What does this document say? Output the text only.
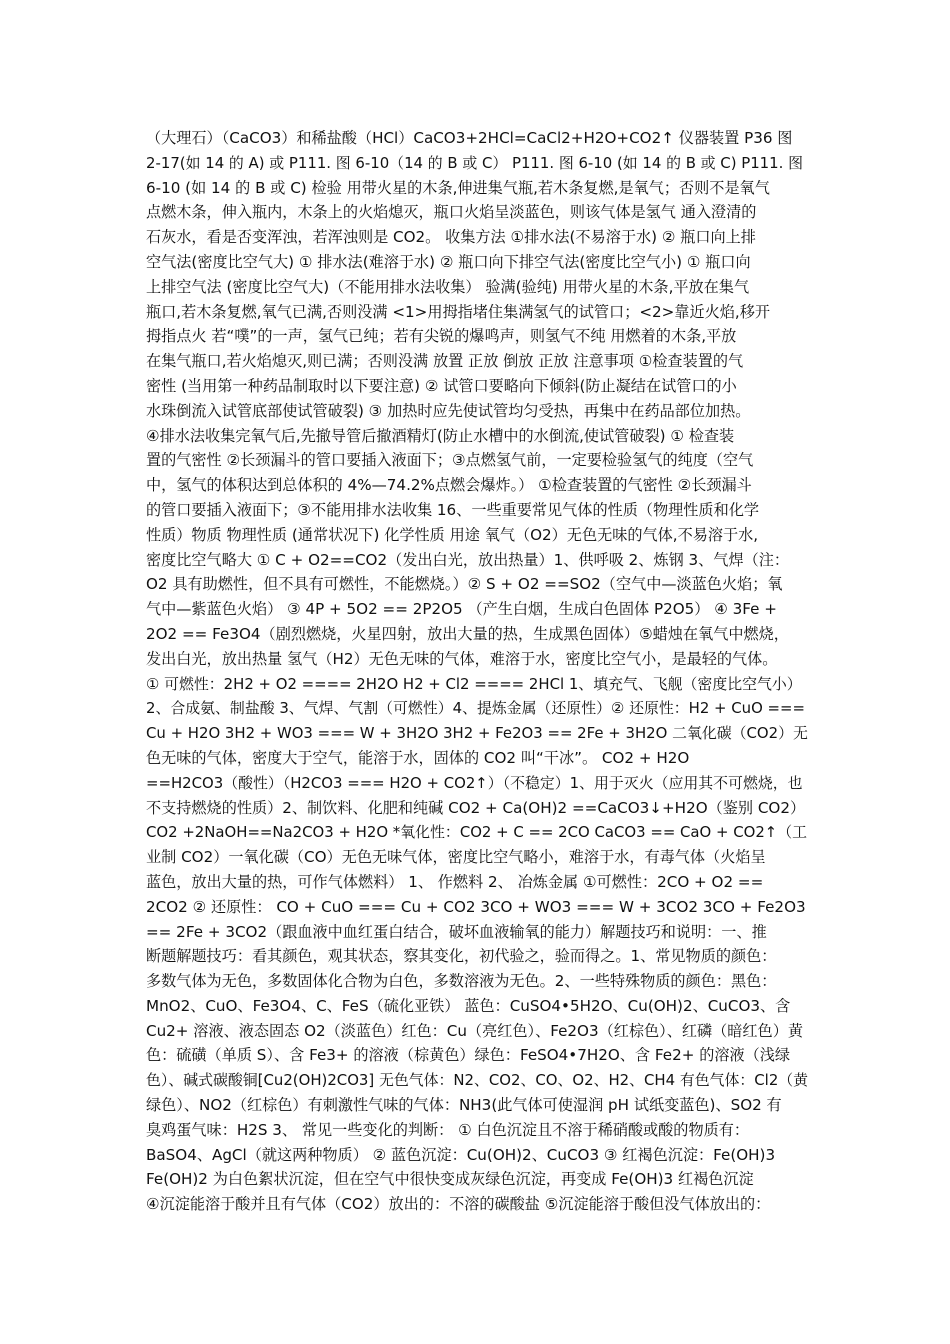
（大理石）（CaCO3）和稀盐酸（HCl）CaCO3+2HCl=CaCl2+H2O+CO2↑ 仪器装置 P36 图
2-17(如 14 的 A) 或 P111. 图 6-10（14 的 B 或 C） P111. 图 6-10 (如 14 的 B 或 C) P111. 图
6-10 (如 14 的 B 或 C) 检验 用带火星的木条,伸进集气瓶,若木条复燃,是氧气；否则不是氧气
点燃木条，伸入瓶内，木条上的火焰熄灭，瓶口火焰呈淡蓝色，则该气体是氢气 通入澄清的
石灰水，看是否变浑浊，若浑浊则是 CO2。 收集方法 ①排水法(不易溶于水) ② 瓶口向上排
空气法(密度比空气大) ① 排水法(难溶于水) ② 瓶口向下排空气法(密度比空气小) ① 瓶口向
上排空气法 (密度比空气大)（不能用排水法收集） 验满(验纯) 用带火星的木条,平放在集气
瓶口,若木条复燃,氧气已满,否则没满 <1>用拇指堵住集满氢气的试管口；<2>靠近火焰,移开
拇指点火 若“噗”的一声，氢气已纯；若有尖锐的爆鸣声，则氢气不纯 用燃着的木条,平放
在集气瓶口,若火焰熄灭,则已满；否则没满 放置 正放 倒放 正放 注意事项 ①检查装置的气
密性 (当用第一种药品制取时以下要注意) ② 试管口要略向下倾斜(防止凝结在试管口的小
水珠倒流入试管底部使试管破裂) ③ 加热时应先使试管均匀受热，再集中在药品部位加热。
④排水法收集完氧气后,先撤导管后撤酒精灯(防止水槽中的水倒流,使试管破裂) ① 检查装
置的气密性 ②长颈漏斗的管口要插入液面下；③点燃氢气前，一定要检验氢气的纯度（空气
中，氢气的体积达到总体积的 4%—74.2%点燃会爆炸。） ①检查装置的气密性 ②长颈漏斗
的管口要插入液面下；③不能用排水法收集 16、一些重要常见气体的性质（物理性质和化学
性质）物质 物理性质 (通常状况下) 化学性质 用途 氧气（O2）无色无味的气体,不易溶于水,
密度比空气略大 ① C + O2==CO2（发出白光，放出热量）1、供呼吸 2、炼钢 3、气焊（注：
O2 具有助燃性，但不具有可燃性，不能燃烧。）② S + O2 ==SO2（空气中—淡蓝色火焰；氧
气中—紫蓝色火焰） ③ 4P + 5O2 == 2P2O5 （产生白烟，生成白色固体 P2O5） ④ 3Fe +
2O2 == Fe3O4（剧烈燃烧，火星四射，放出大量的热，生成黑色固体）⑤蜡烛在氧气中燃烧，
发出白光，放出热量 氢气（H2）无色无味的气体，难溶于水，密度比空气小，是最轻的气体。
① 可燃性：2H2 + O2 ==== 2H2O H2 + Cl2 ==== 2HCl 1、填充气、飞舰（密度比空气小）
2、合成氨、制盐酸 3、气焊、气割（可燃性）4、提炼金属（还原性）② 还原性：H2 + CuO ===
Cu + H2O 3H2 + WO3 === W + 3H2O 3H2 + Fe2O3 == 2Fe + 3H2O 二氧化碳（CO2）无
色无味的气体，密度大于空气，能溶于水，固体的 CO2 叫“干冰”。 CO2 + H2O
==H2CO3（酸性）（H2CO3 === H2O + CO2↑）（不稳定）1、用于灭火（应用其不可燃烧，也
不支持燃烧的性质）2、制饮料、化肥和纯碱 CO2 + Ca(OH)2 ==CaCO3↓+H2O（鉴别 CO2）
CO2 +2NaOH==Na2CO3 + H2O *氧化性：CO2 + C == 2CO CaCO3 == CaO + CO2↑（工
业制 CO2）一氧化碳（CO）无色无味气体，密度比空气略小，难溶于水，有毒气体（火焰呈
蓝色，放出大量的热，可作气体燃料） 1、 作燃料 2、 冶炼金属 ①可燃性：2CO + O2 ==
2CO2 ② 还原性： CO + CuO === Cu + CO2 3CO + WO3 === W + 3CO2 3CO + Fe2O3
== 2Fe + 3CO2（跟血液中血红蛋白结合，破坏血液输氧的能力）解题技巧和说明：一、推
断题解题技巧：看其颜色，观其状态，察其变化，初代验之，验而得之。1、常见物质的颜色：
多数气体为无色，多数固体化合物为白色，多数溶液为无色。2、一些特殊物质的颜色：黑色：
MnO2、CuO、Fe3O4、C、FeS（硫化亚铁） 蓝色：CuSO4•5H2O、Cu(OH)2、CuCO3、含
Cu2+ 溶液、液态固态 O2（淡蓝色）红色：Cu（亮红色）、Fe2O3（红棕色）、红磷（暗红色）黄
色：硫磺（单质 S）、含 Fe3+ 的溶液（棕黄色）绿色：FeSO4•7H2O、含 Fe2+ 的溶液（浅绿
色）、碱式碳酸铜[Cu2(OH)2CO3] 无色气体：N2、CO2、CO、O2、H2、CH4 有色气体：Cl2（黄
绿色）、NO2（红棕色）有刺激性气味的气体：NH3(此气体可使湿润 pH 试纸变蓝色)、SO2 有
臭鸡蛋气味：H2S 3、 常见一些变化的判断： ① 白色沉淀且不溶于稀硝酸或酸的物质有：
BaSO4、AgCl（就这两种物质） ② 蓝色沉淀：Cu(OH)2、CuCO3 ③ 红褐色沉淀：Fe(OH)3
Fe(OH)2 为白色絮状沉淀，但在空气中很快变成灰绿色沉淀，再变成 Fe(OH)3 红褐色沉淀
④沉淀能溶于酸并且有气体（CO2）放出的：不溶的碳酸盐 ⑤沉淀能溶于酸但没气体放出的：
